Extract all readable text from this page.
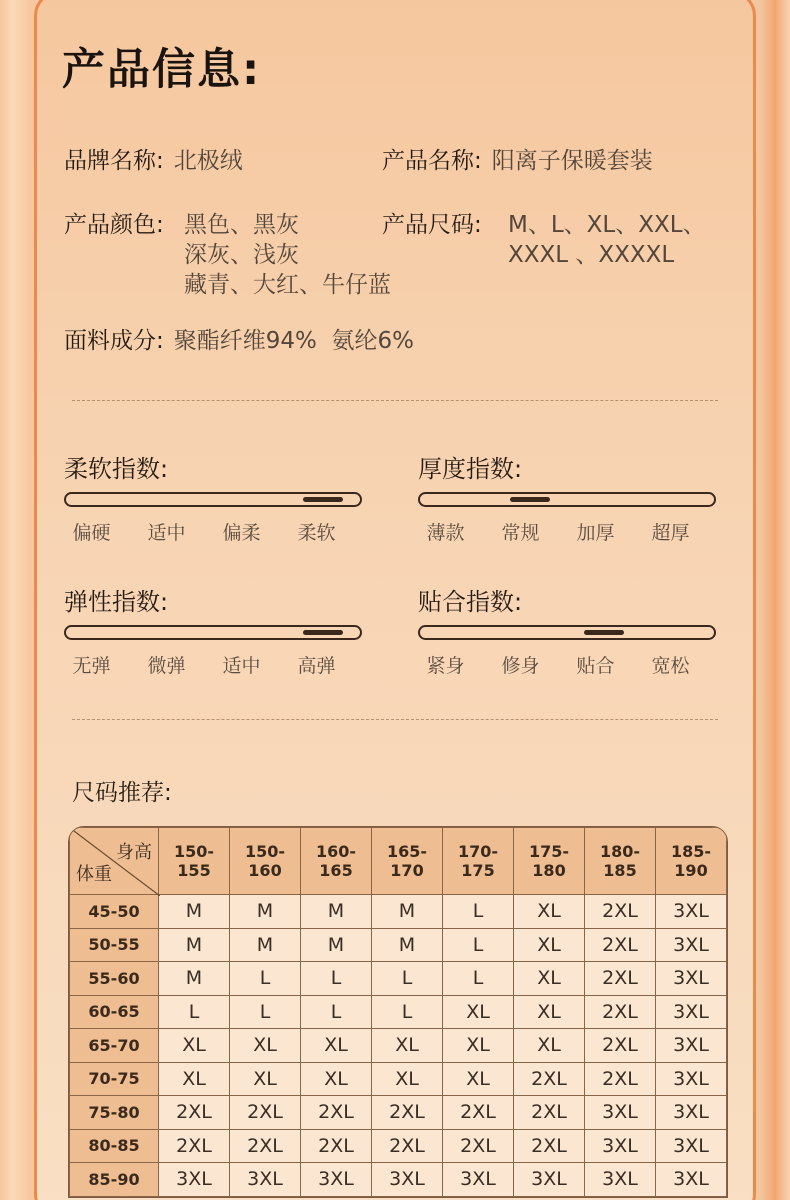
产品信息:
品牌名称: 北极绒	产品名称: 阳离子保暖套装
产品颜色: 黑色、黑灰
深灰、浅灰
藏青、大红、牛仔蓝
产品尺码: M、L、XL、XXL、
XXXL 、XXXXL
面料成分: 聚酯纤维94%  氨纶6%
柔软指数:
偏硬	适中	偏柔	柔软
厚度指数:
薄款	常规	加厚	超厚
弹性指数:
无弹	微弹	适中	高弹
贴合指数:
紧身	修身	贴合	宽松
尺码推荐:
身高
体重	150-155	150-160	160-165	165-170	170-175	175-180	180-185	185-190
45-50	M	M	M	M	L	XL	2XL	3XL
50-55	M	M	M	M	L	XL	2XL	3XL
55-60	M	L	L	L	L	XL	2XL	3XL
60-65	L	L	L	L	XL	XL	2XL	3XL
65-70	XL	XL	XL	XL	XL	XL	2XL	3XL
70-75	XL	XL	XL	XL	XL	2XL	2XL	3XL
75-80	2XL	2XL	2XL	2XL	2XL	2XL	3XL	3XL
80-85	2XL	2XL	2XL	2XL	2XL	2XL	3XL	3XL
85-90	3XL	3XL	3XL	3XL	3XL	3XL	3XL	3XL
